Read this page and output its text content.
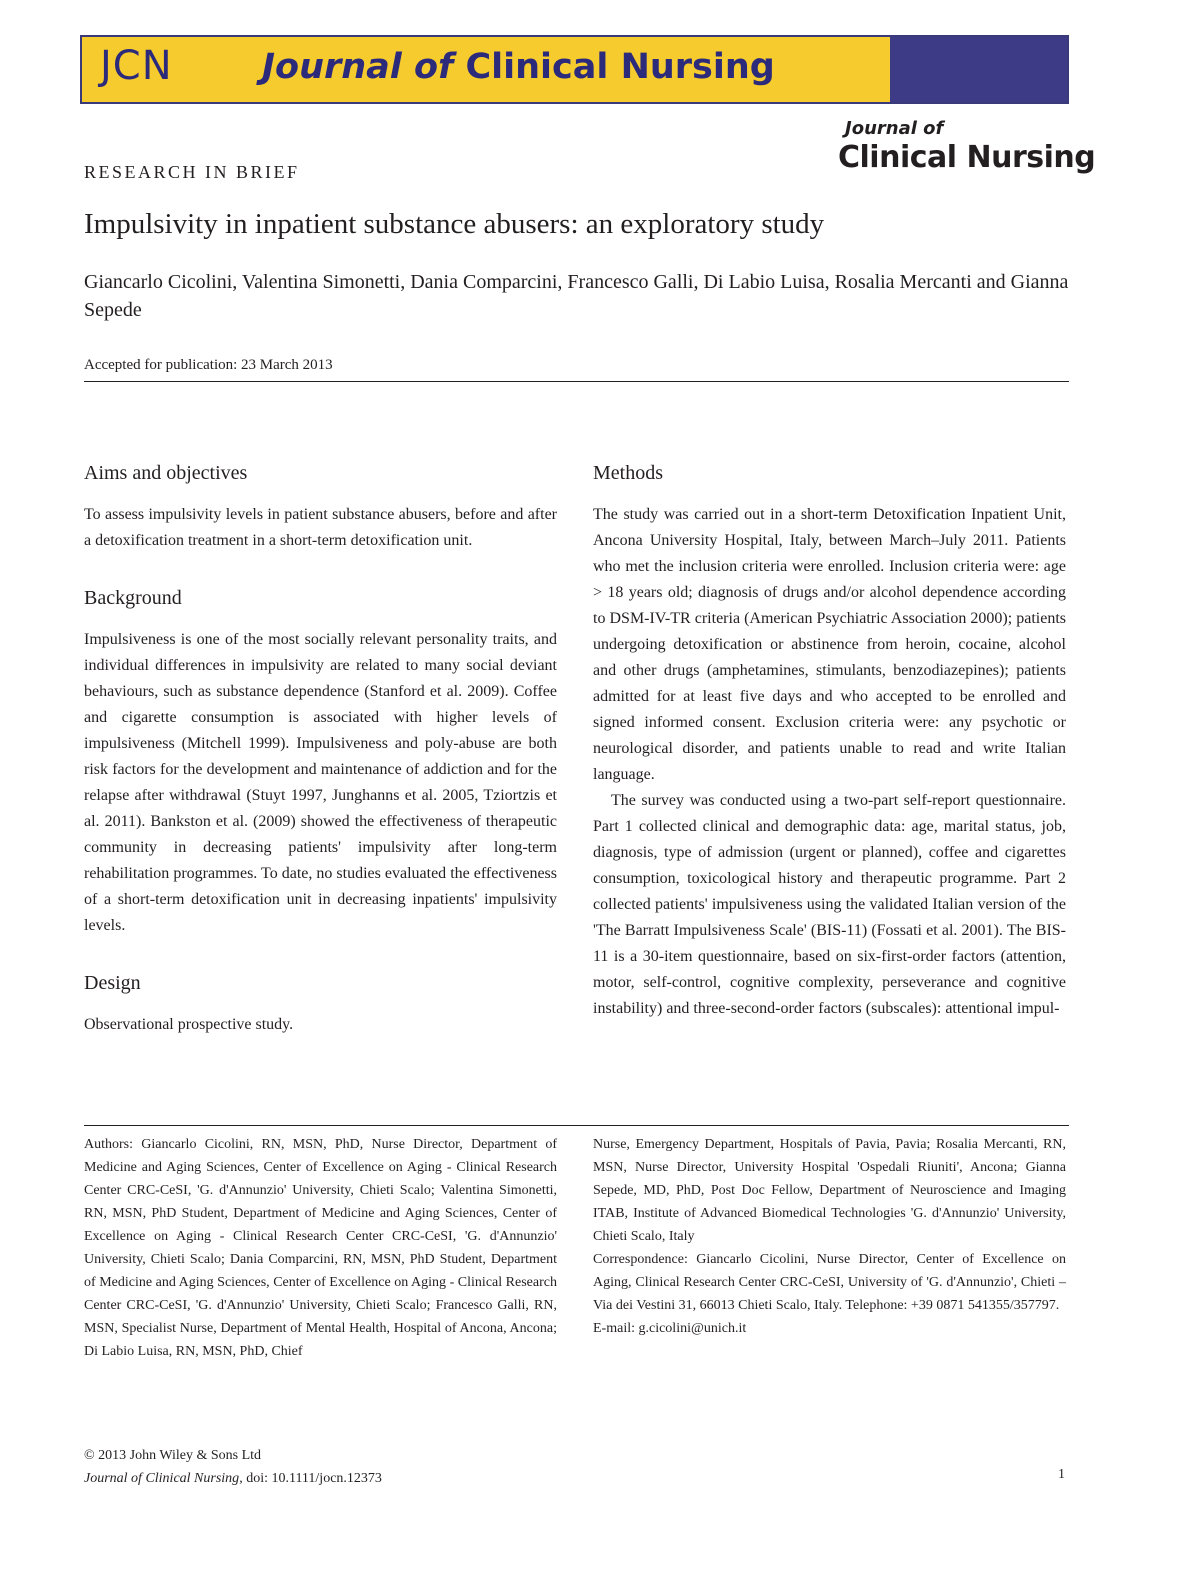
JCN	Journal of Clinical Nursing
Journal of
Clinical Nursing
RESEARCH IN BRIEF
Impulsivity in inpatient substance abusers: an exploratory study
Giancarlo Cicolini, Valentina Simonetti, Dania Comparcini, Francesco Galli, Di Labio Luisa, Rosalia Mercanti and Gianna Sepede
Accepted for publication: 23 March 2013
Aims and objectives

To assess impulsivity levels in patient substance abusers, before and after a detoxification treatment in a short-term detoxification unit.

Background

Impulsiveness is one of the most socially relevant personality traits, and individual differences in impulsivity are related to many social deviant behaviours, such as substance dependence (Stanford et al. 2009). Coffee and cigarette consumption is associated with higher levels of impulsiveness (Mitchell 1999). Impulsiveness and poly-abuse are both risk factors for the development and maintenance of addiction and for the relapse after withdrawal (Stuyt 1997, Junghanns et al. 2005, Tziortzis et al. 2011). Bankston et al. (2009) showed the effectiveness of therapeutic community in decreasing patients' impulsivity after long-term rehabilitation programmes. To date, no studies evaluated the effectiveness of a short-term detoxification unit in decreasing inpatients' impulsivity levels.

Design

Observational prospective study.

Methods

The study was carried out in a short-term Detoxification Inpatient Unit, Ancona University Hospital, Italy, between March–July 2011. Patients who met the inclusion criteria were enrolled. Inclusion criteria were: age > 18 years old; diagnosis of drugs and/or alcohol dependence according to DSM-IV-TR criteria (American Psychiatric Association 2000); patients undergoing detoxification or abstinence from heroin, cocaine, alcohol and other drugs (amphetamines, stimulants, benzodiazepines); patients admitted for at least five days and who accepted to be enrolled and signed informed consent. Exclusion criteria were: any psychotic or neurological disorder, and patients unable to read and write Italian language.

The survey was conducted using a two-part self-report questionnaire. Part 1 collected clinical and demographic data: age, marital status, job, diagnosis, type of admission (urgent or planned), coffee and cigarettes consumption, toxicological history and therapeutic programme. Part 2 collected patients' impulsiveness using the validated Italian version of the 'The Barratt Impulsiveness Scale' (BIS-11) (Fossati et al. 2001). The BIS-11 is a 30-item questionnaire, based on six-first-order factors (attention, motor, self-control, cognitive complexity, perseverance and cognitive instability) and three-second-order factors (subscales): attentional impul-

Authors: Giancarlo Cicolini, RN, MSN, PhD, Nurse Director, Department of Medicine and Aging Sciences, Center of Excellence on Aging - Clinical Research Center CRC-CeSI, 'G. d'Annunzio' University, Chieti Scalo; Valentina Simonetti, RN, MSN, PhD Student, Department of Medicine and Aging Sciences, Center of Excellence on Aging - Clinical Research Center CRC-CeSI, 'G. d'Annunzio' University, Chieti Scalo; Dania Comparcini, RN, MSN, PhD Student, Department of Medicine and Aging Sciences, Center of Excellence on Aging - Clinical Research Center CRC-CeSI, 'G. d'Annunzio' University, Chieti Scalo; Francesco Galli, RN, MSN, Specialist Nurse, Department of Mental Health, Hospital of Ancona, Ancona; Di Labio Luisa, RN, MSN, PhD, Chief

Nurse, Emergency Department, Hospitals of Pavia, Pavia; Rosalia Mercanti, RN, MSN, Nurse Director, University Hospital 'Ospedali Riuniti', Ancona; Gianna Sepede, MD, PhD, Post Doc Fellow, Department of Neuroscience and Imaging ITAB, Institute of Advanced Biomedical Technologies 'G. d'Annunzio' University, Chieti Scalo, Italy

Correspondence: Giancarlo Cicolini, Nurse Director, Center of Excellence on Aging, Clinical Research Center CRC-CeSI, University of 'G. d'Annunzio', Chieti – Via dei Vestini 31, 66013 Chieti Scalo, Italy. Telephone: +39 0871 541355/357797.

E-mail: g.cicolini@unich.it

© 2013 John Wiley & Sons Ltd
Journal of Clinical Nursing, doi: 10.1111/jocn.12373	1
